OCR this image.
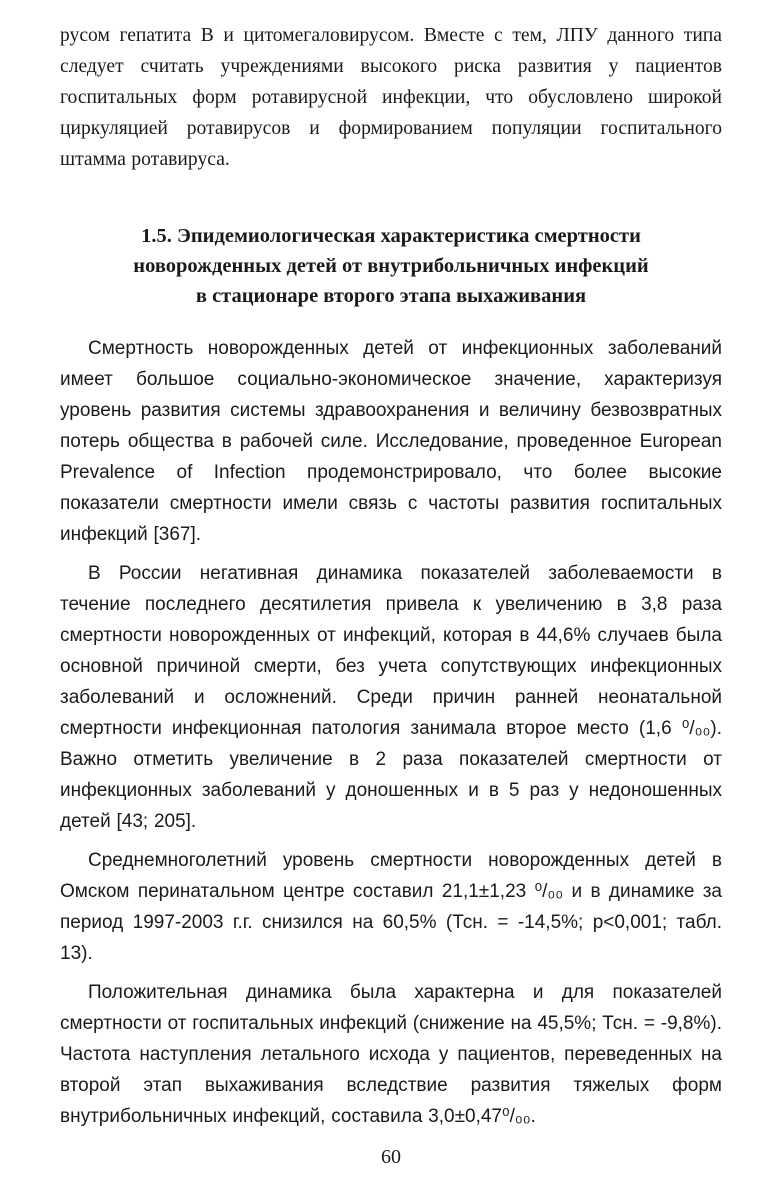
русом гепатита В и цитомегаловирусом. Вместе с тем, ЛПУ данного типа следует считать учреждениями высокого риска развития у пациентов госпитальных форм ротавирусной инфекции, что обусловлено широкой циркуляцией ротавирусов и формированием популяции госпитального штамма ротавируса.

1.5. Эпидемиологическая характеристика смертности
новорожденных детей от внутрибольничных инфекций
в стационаре второго этапа выхаживания

Смертность новорожденных детей от инфекционных заболеваний имеет большое социально-экономическое значение, характеризуя уровень развития системы здравоохранения и величину безвозвратных потерь общества в рабочей силе. Исследование, проведенное European Prevalence of Infection продемонстрировало, что более высокие показатели смертности имели связь с частоты развития госпитальных инфекций [367].

В России негативная динамика показателей заболеваемости в течение последнего десятилетия привела к увеличению в 3,8 раза смертности новорожденных от инфекций, которая в 44,6% случаев была основной причиной смерти, без учета сопутствующих инфекционных заболеваний и осложнений. Среди причин ранней неонатальной смертности инфекционная патология занимала второе место (1,6 ⁰/₀₀). Важно отметить увеличение в 2 раза показателей смертности от инфекционных заболеваний у доношенных и в 5 раз у недоношенных детей [43; 205].

Среднемноголетний уровень смертности новорожденных детей в Омском перинатальном центре составил 21,1±1,23 ⁰/₀₀ и в динамике за период 1997-2003 г.г. снизился на 60,5% (Тсн. = -14,5%; р<0,001; табл. 13).

Положительная динамика была характерна и для показателей смертности от госпитальных инфекций (снижение на 45,5%; Тсн. = -9,8%). Частота наступления летального исхода у пациентов, переведенных на второй этап выхаживания вследствие развития тяжелых форм внутрибольничных инфекций, составила 3,0±0,47⁰/₀₀.

60
